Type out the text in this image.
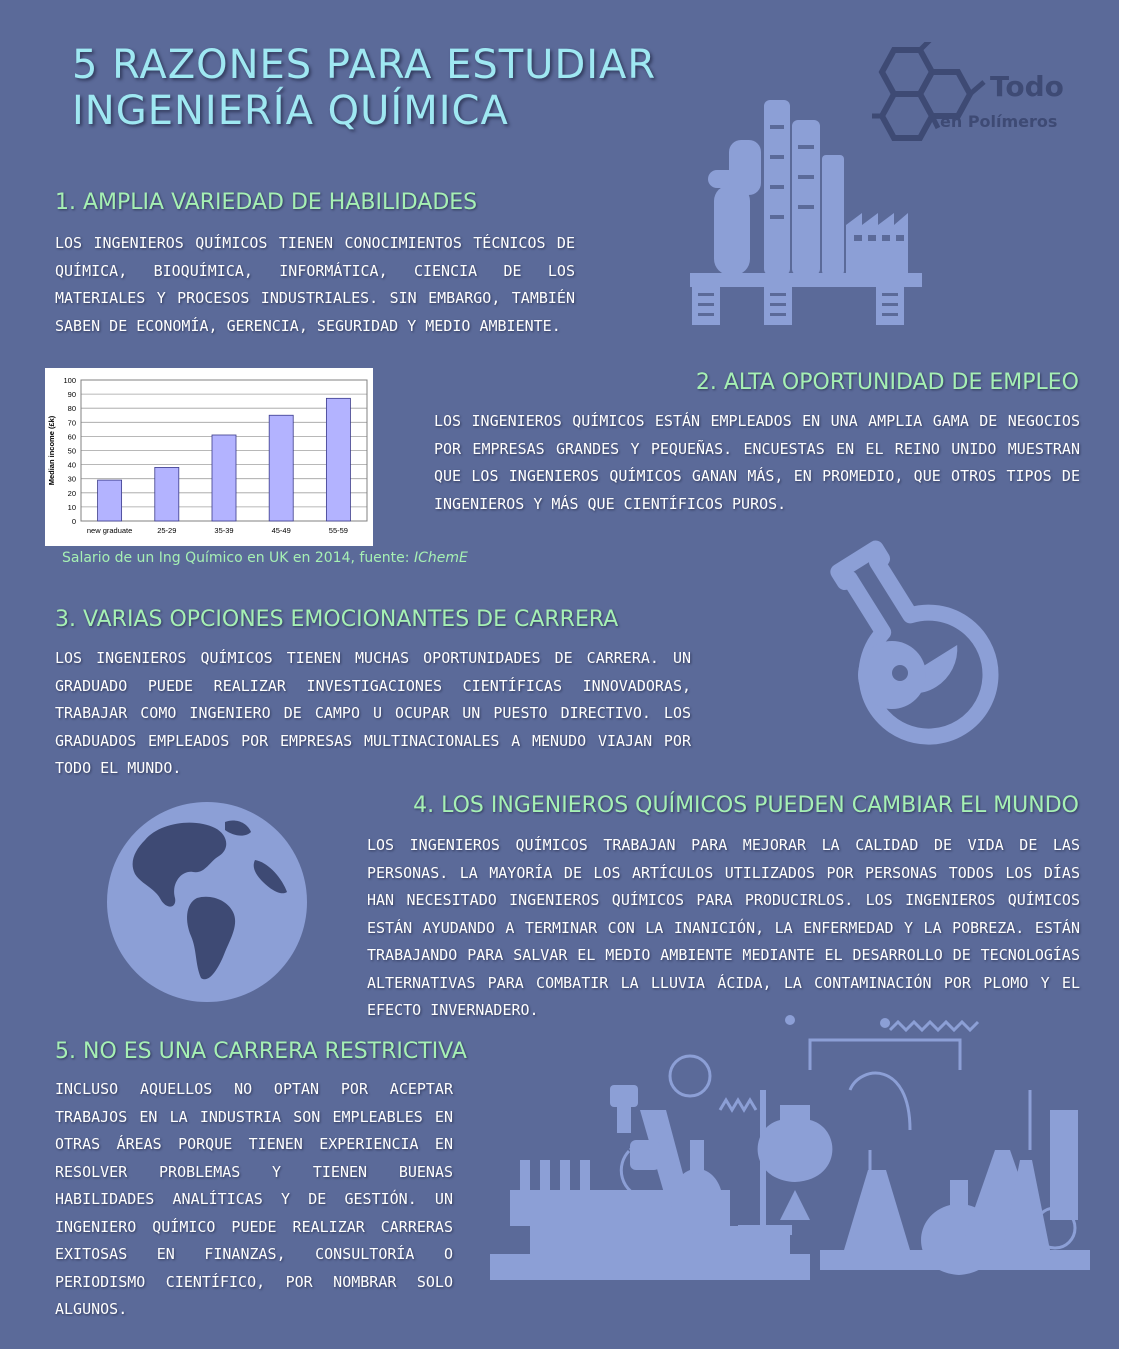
5 RAZONES PARA ESTUDIAR
INGENIERÍA QUÍMICA
Todo
en Polímeros
1. AMPLIA VARIEDAD DE HABILIDADES

LOS INGENIEROS QUÍMICOS TIENEN CONOCIMIENTOS TÉCNICOS DE QUÍMICA, BIOQUÍMICA, INFORMÁTICA, CIENCIA DE LOS MATERIALES Y PROCESOS INDUSTRIALES. SIN EMBARGO, TAMBIÉN SABEN DE ECONOMÍA, GERENCIA, SEGURIDAD Y MEDIO AMBIENTE.

0
10
20
30
40
50
60
70
80
90
100
new graduate	25-29	35-39	45-49	55-59
Median income (£k)
Salario de un Ing Químico en UK en 2014, fuente: IChemE
2. ALTA OPORTUNIDAD DE EMPLEO

LOS INGENIEROS QUÍMICOS ESTÁN EMPLEADOS EN UNA AMPLIA GAMA DE NEGOCIOS POR EMPRESAS GRANDES Y PEQUEÑAS. ENCUESTAS EN EL REINO UNIDO MUESTRAN QUE LOS INGENIEROS QUÍMICOS GANAN MÁS, EN PROMEDIO, QUE OTROS TIPOS DE INGENIEROS Y MÁS QUE CIENTÍFICOS PUROS.

3. VARIAS OPCIONES EMOCIONANTES DE CARRERA

LOS INGENIEROS QUÍMICOS TIENEN MUCHAS OPORTUNIDADES DE CARRERA. UN GRADUADO PUEDE REALIZAR INVESTIGACIONES CIENTÍFICAS INNOVADORAS, TRABAJAR COMO INGENIERO DE CAMPO U OCUPAR UN PUESTO DIRECTIVO. LOS GRADUADOS EMPLEADOS POR EMPRESAS MULTINACIONALES A MENUDO VIAJAN POR TODO EL MUNDO.

4. LOS INGENIEROS QUÍMICOS PUEDEN CAMBIAR EL MUNDO

LOS INGENIEROS QUÍMICOS TRABAJAN PARA MEJORAR LA CALIDAD DE VIDA DE LAS PERSONAS. LA MAYORÍA DE LOS ARTÍCULOS UTILIZADOS POR PERSONAS TODOS LOS DÍAS HAN NECESITADO INGENIEROS QUÍMICOS PARA PRODUCIRLOS. LOS INGENIEROS QUÍMICOS ESTÁN AYUDANDO A TERMINAR CON LA INANICIÓN, LA ENFERMEDAD Y LA POBREZA. ESTÁN TRABAJANDO PARA SALVAR EL MEDIO AMBIENTE MEDIANTE EL DESARROLLO DE TECNOLOGÍAS ALTERNATIVAS PARA COMBATIR LA LLUVIA ÁCIDA, LA CONTAMINACIÓN POR PLOMO Y EL EFECTO INVERNADERO.

5. NO ES UNA CARRERA RESTRICTIVA

INCLUSO AQUELLOS NO OPTAN POR ACEPTAR TRABAJOS EN LA INDUSTRIA SON EMPLEABLES EN OTRAS ÁREAS PORQUE TIENEN EXPERIENCIA EN RESOLVER PROBLEMAS Y TIENEN BUENAS HABILIDADES ANALÍTICAS Y DE GESTIÓN. UN INGENIERO QUÍMICO PUEDE REALIZAR CARRERAS EXITOSAS EN FINANZAS, CONSULTORÍA O PERIODISMO CIENTÍFICO, POR NOMBRAR SOLO ALGUNOS.
